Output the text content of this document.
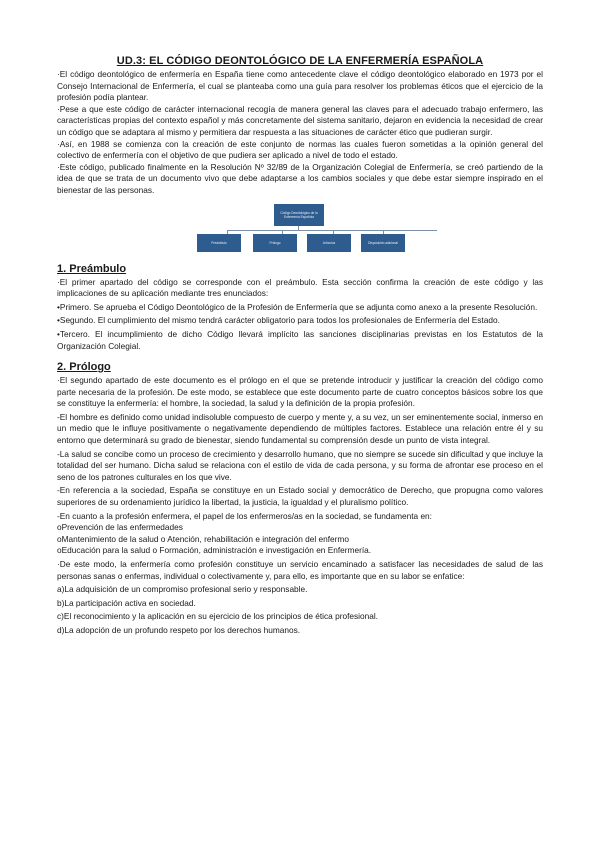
UD.3: EL CÓDIGO DEONTOLÓGICO DE LA ENFERMERÍA ESPAÑOLA

·El código deontológico de enfermería en España tiene como antecedente clave el código deontológico elaborado en 1973 por el Consejo Internacional de Enfermería, el cual se planteaba como una guía para resolver los problemas éticos que el ejercicio de la profesión podía plantear.

·Pese a que este código de carácter internacional recogía de manera general las claves para el adecuado trabajo enfermero, las características propias del contexto español y más concretamente del sistema sanitario, dejaron en evidencia la necesidad de crear un código que se adaptara al mismo y permitiera dar respuesta a las situaciones de carácter ético que pudieran surgir.

·Así, en 1988 se comienza con la creación de este conjunto de normas las cuales fueron sometidas a la opinión general del colectivo de enfermería con el objetivo de que pudiera ser aplicado a nivel de todo el estado.

·Este código, publicado finalmente en la Resolución Nº 32/89 de la Organización Colegial de Enfermería, se creó partiendo de la idea de que se trata de un documento vivo que debe adaptarse a los cambios sociales y que debe estar siempre inspirado en el bienestar de las personas.

Código Deontológico de la Enfermería Española
Preámbulo	Prólogo	Artículos	Disposición adicional
1. Preámbulo

·El primer apartado del código se corresponde con el preámbulo. Esta sección confirma la creación de este código y las implicaciones de su aplicación mediante tres enunciados:

•Primero. Se aprueba el Código Deontológico de la Profesión de Enfermería que se adjunta como anexo a la presente Resolución.

•Segundo. El cumplimiento del mismo tendrá carácter obligatorio para todos los profesionales de Enfermería del Estado.

•Tercero. El incumplimiento de dicho Código llevará implícito las sanciones disciplinarias previstas en los Estatutos de la Organización Colegial.

2. Prólogo

·El segundo apartado de este documento es el prólogo en el que se pretende introducir y justificar la creación del código como parte necesaria de la profesión. De este modo, se establece que este documento parte de cuatro conceptos básicos sobre los que se constituye la enfermería: el hombre, la sociedad, la salud y la definición de la propia profesión.

-El hombre es definido como unidad indisoluble compuesto de cuerpo y mente y, a su vez, un ser eminentemente social, inmerso en un medio que le influye positivamente o negativamente dependiendo de múltiples factores. Establece una relación entre él y su entorno que determinará su grado de bienestar, siendo fundamental su comprensión desde un punto de vista integral.

-La salud se concibe como un proceso de crecimiento y desarrollo humano, que no siempre se sucede sin dificultad y que incluye la totalidad del ser humano. Dicha salud se relaciona con el estilo de vida de cada persona, y su forma de afrontar ese proceso en el seno de los patrones culturales en los que vive.

-En referencia a la sociedad, España se constituye en un Estado social y democrático de Derecho, que propugna como valores superiores de su ordenamiento jurídico la libertad, la justicia, la igualdad y el pluralismo político.

-En cuanto a la profesión enfermera, el papel de los enfermeros/as en la sociedad, se fundamenta en:

oPrevención de las enfermedades

oMantenimiento de la salud o Atención, rehabilitación e integración del enfermo

oEducación para la salud o Formación, administración e investigación en Enfermería.

·De este modo, la enfermería como profesión constituye un servicio encaminado a satisfacer las necesidades de salud de las personas sanas o enfermas, individual o colectivamente y, para ello, es importante que en su labor se enfatice:

a)La adquisición de un compromiso profesional serio y responsable.

b)La participación activa en sociedad.

c)El reconocimiento y la aplicación en su ejercicio de los principios de ética profesional.

d)La adopción de un profundo respeto por los derechos humanos.
